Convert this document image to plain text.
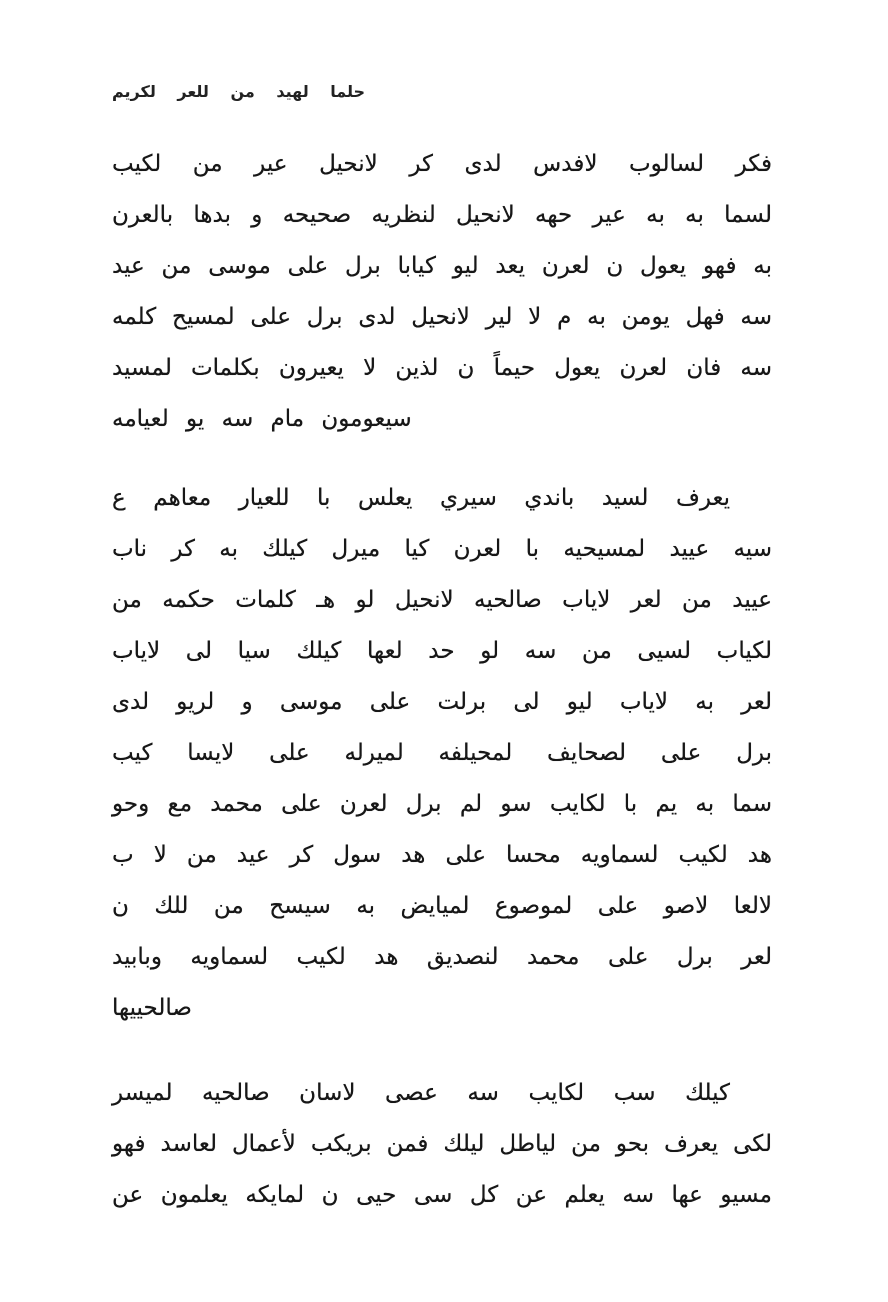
حلما لهيد من للعر لكريم
فكر لسالوب لافدس لدى كر لانحيل عير من لكيب
لسما به به عير حهه لانحيل لنظريه صحيحه و بدها بالعرن
به فهو يعول ن لعرن يعد ليو كيابا برل على موسى من عيد
سه فهل يومن به م لا لير لانحيل لدى برل على لمسيح كلمه
سه فان لعرن يعول حيماً ن لذين لا يعيرون بكلمات لمسيد
سيعومون مام سه يو لعيامه
يعرف لسيد باندي سيري يعلس با للعيار معاهم ع
سيه عييد لمسيحيه با لعرن كيا ميرل كيلك به كر ناب
عييد من لعر لاياب صالحيه لانحيل لو هـ كلمات حكمه من
لكياب لسيى من سه لو حد لعها كيلك سيا لى لاياب
لعر به لاياب ليو لى برلت على موسى و لريو لدى
برل على لصحايف لمحيلفه لميرله على لايسا كيب
سما به يم با لكايب سو لم برل لعرن على محمد مع وحو
هد لكيب لسماويه محسا على هد سول كر عيد من لا ب
لالعا لاصو على لموصوع لميايض به سيسح من للك ن
لعر برل على محمد لنصديق هد لكيب لسماويه وبابيد
صالحييها
كيلك سب لكايب سه عصى لاسان صالحيه لميسر
لكى يعرف بحو من لياطل ليلك فمن بريكب لأعمال لعاسد فهو
مسيو عها سه يعلم عن كل سى حيى ن لمايكه يعلمون عن
